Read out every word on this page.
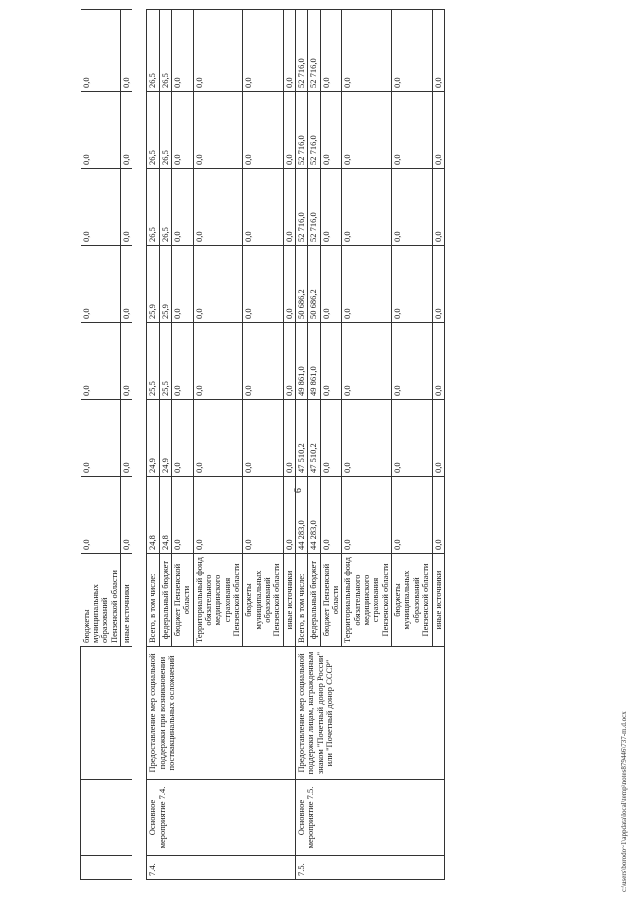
9
			бюджеты муниципальных образований Пензенской области	0,0	0,0	0,0	0,0	0,0	0,0	0,0
			иные источники	0,0	0,0	0,0	0,0	0,0	0,0	0,0

7.4.	Основное мероприятие 7.4.	Предоставление мер социальной поддержки при возникновении поствакцинальных осложнений	Всего, в том числе:	24,8	24,9	25,5	25,9	26,5	26,5	26,5
			федеральный бюджет	24,8	24,9	25,5	25,9	26,5	26,5	26,5
			бюджет Пензенской области	0,0	0,0	0,0	0,0	0,0	0,0	0,0
			Территориальный фонд обязательного медицинского страхования Пензенской области	0,0	0,0	0,0	0,0	0,0	0,0	0,0
			бюджеты муниципальных образований Пензенской области	0,0	0,0	0,0	0,0	0,0	0,0	0,0
			иные источники	0,0	0,0	0,0	0,0	0,0	0,0	0,0
7.5.	Основное мероприятие 7.5.	Предоставление мер социальной поддержки лицам, награжденным знаком "Почетный донор России" или "Почетный донор СССР"	Всего, в том числе:	44 283,0	47 510,2	49 861,0	50 686,2	52 716,0	52 716,0	52 716,0
			федеральный бюджет	44 283,0	47 510,2	49 861,0	50 686,2	52 716,0	52 716,0	52 716,0
			бюджет Пензенской области	0,0	0,0	0,0	0,0	0,0	0,0	0,0
			Территориальный фонд обязательного медицинского страхования Пензенской области	0,0	0,0	0,0	0,0	0,0	0,0	0,0
			бюджеты муниципальных образований Пензенской области	0,0	0,0	0,0	0,0	0,0	0,0	0,0
			иные источники	0,0	0,0	0,0	0,0	0,0	0,0	0,0
c:\users\borodo~1\appdata\local\temp\notes879446\737-m.d.ocx
